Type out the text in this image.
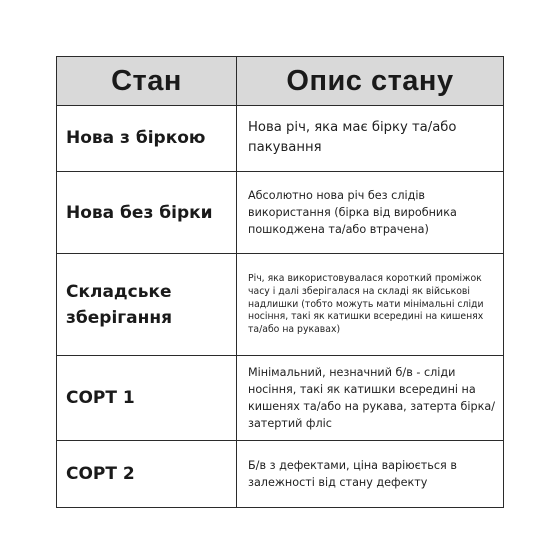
Стан	Опис стану
Нова з біркою	Нова річ, яка має бірку та/або пакування
Нова без бірки	Абсолютно нова річ без слідів використання (бірка від виробника пошкоджена та/або втрачена)
Складське зберігання	Річ, яка використовувалася короткий проміжок часу і далі зберігалася на складі як військові надлишки (тобто можуть мати мінімальні сліди носіння, такі як катишки всередині на кишенях та/або на рукавах)
СОРТ 1	Мінімальний, незначний б/в - сліди носіння, такі як катишки всередині на кишенях та/або на рукава, затерта бірка/затертий фліс
СОРТ 2	Б/в з дефектами, ціна варіюється в залежності від стану дефекту
